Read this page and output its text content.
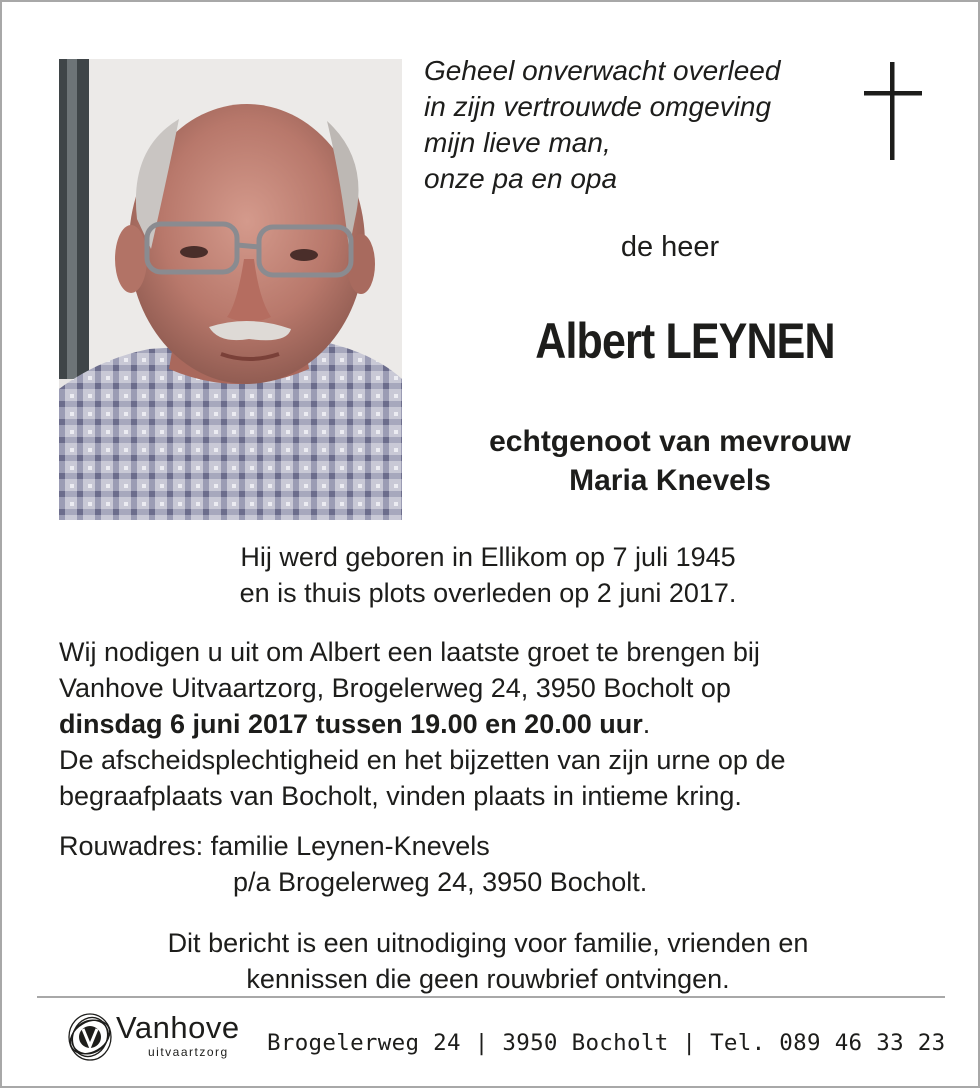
Geheel onverwacht overleed
in zijn vertrouwde omgeving
mijn lieve man,
onze pa en opa
de heer
Albert LEYNEN
echtgenoot van mevrouw
Maria Knevels
Hij werd geboren in Ellikom op 7 juli 1945
en is thuis plots overleden op 2 juni 2017.
Wij nodigen u uit om Albert een laatste groet te brengen bij
Vanhove Uitvaartzorg, Brogelerweg 24, 3950 Bocholt op
dinsdag 6 juni 2017 tussen 19.00 en 20.00 uur.
De afscheidsplechtigheid en het bijzetten van zijn urne op de
begraafplaats van Bocholt, vinden plaats in intieme kring.
Rouwadres: familie Leynen-Knevels
p/a Brogelerweg 24, 3950 Bocholt.
Dit bericht is een uitnodiging voor familie, vrienden en
kennissen die geen rouwbrief ontvingen.
Vanhove
uitvaartzorg Brogelerweg 24 | 3950 Bocholt | Tel. 089 46 33 23
